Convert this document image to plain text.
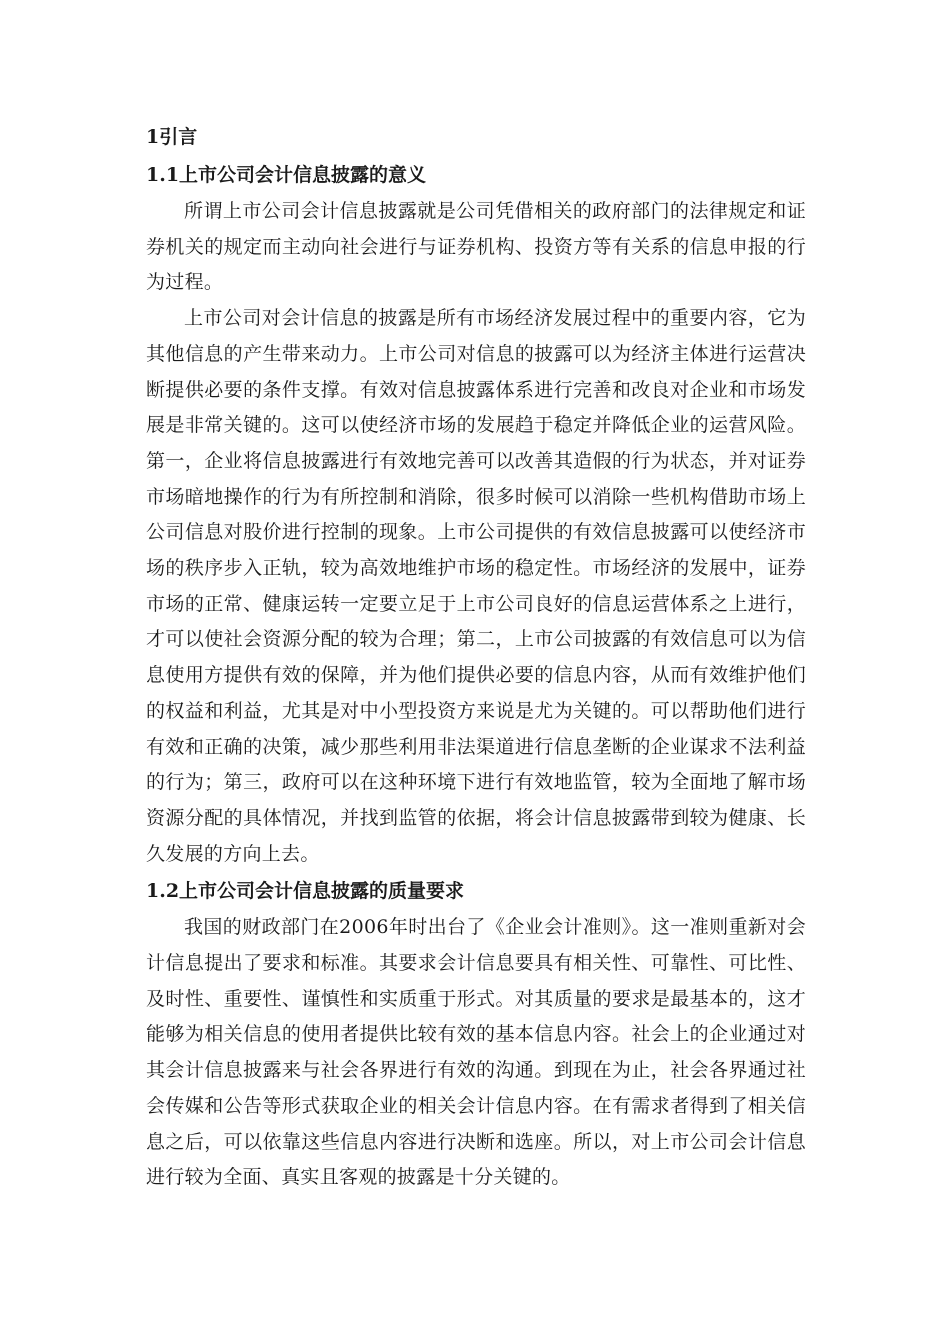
1引言
1.1上市公司会计信息披露的意义

所谓上市公司会计信息披露就是公司凭借相关的政府部门的法律规定和证券机关的规定而主动向社会进行与证券机构、投资方等有关系的信息申报的行为过程。

上市公司对会计信息的披露是所有市场经济发展过程中的重要内容，它为其他信息的产生带来动力。上市公司对信息的披露可以为经济主体进行运营决断提供必要的条件支撑。有效对信息披露体系进行完善和改良对企业和市场发展是非常关键的。这可以使经济市场的发展趋于稳定并降低企业的运营风险。第一，企业将信息披露进行有效地完善可以改善其造假的行为状态，并对证券市场暗地操作的行为有所控制和消除，很多时候可以消除一些机构借助市场上公司信息对股价进行控制的现象。上市公司提供的有效信息披露可以使经济市场的秩序步入正轨，较为高效地维护市场的稳定性。市场经济的发展中，证券市场的正常、健康运转一定要立足于上市公司良好的信息运营体系之上进行，才可以使社会资源分配的较为合理；第二，上市公司披露的有效信息可以为信息使用方提供有效的保障，并为他们提供必要的信息内容，从而有效维护他们的权益和利益，尤其是对中小型投资方来说是尤为关键的。可以帮助他们进行有效和正确的决策，减少那些利用非法渠道进行信息垄断的企业谋求不法利益的行为；第三，政府可以在这种环境下进行有效地监管，较为全面地了解市场资源分配的具体情况，并找到监管的依据，将会计信息披露带到较为健康、长久发展的方向上去。

1.2上市公司会计信息披露的质量要求

我国的财政部门在2006年时出台了《企业会计准则》。这一准则重新对会计信息提出了要求和标准。其要求会计信息要具有相关性、可靠性、可比性、及时性、重要性、谨慎性和实质重于形式。对其质量的要求是最基本的，这才能够为相关信息的使用者提供比较有效的基本信息内容。社会上的企业通过对其会计信息披露来与社会各界进行有效的沟通。到现在为止，社会各界通过社会传媒和公告等形式获取企业的相关会计信息内容。在有需求者得到了相关信息之后，可以依靠这些信息内容进行决断和选座。所以，对上市公司会计信息进行较为全面、真实且客观的披露是十分关键的。
